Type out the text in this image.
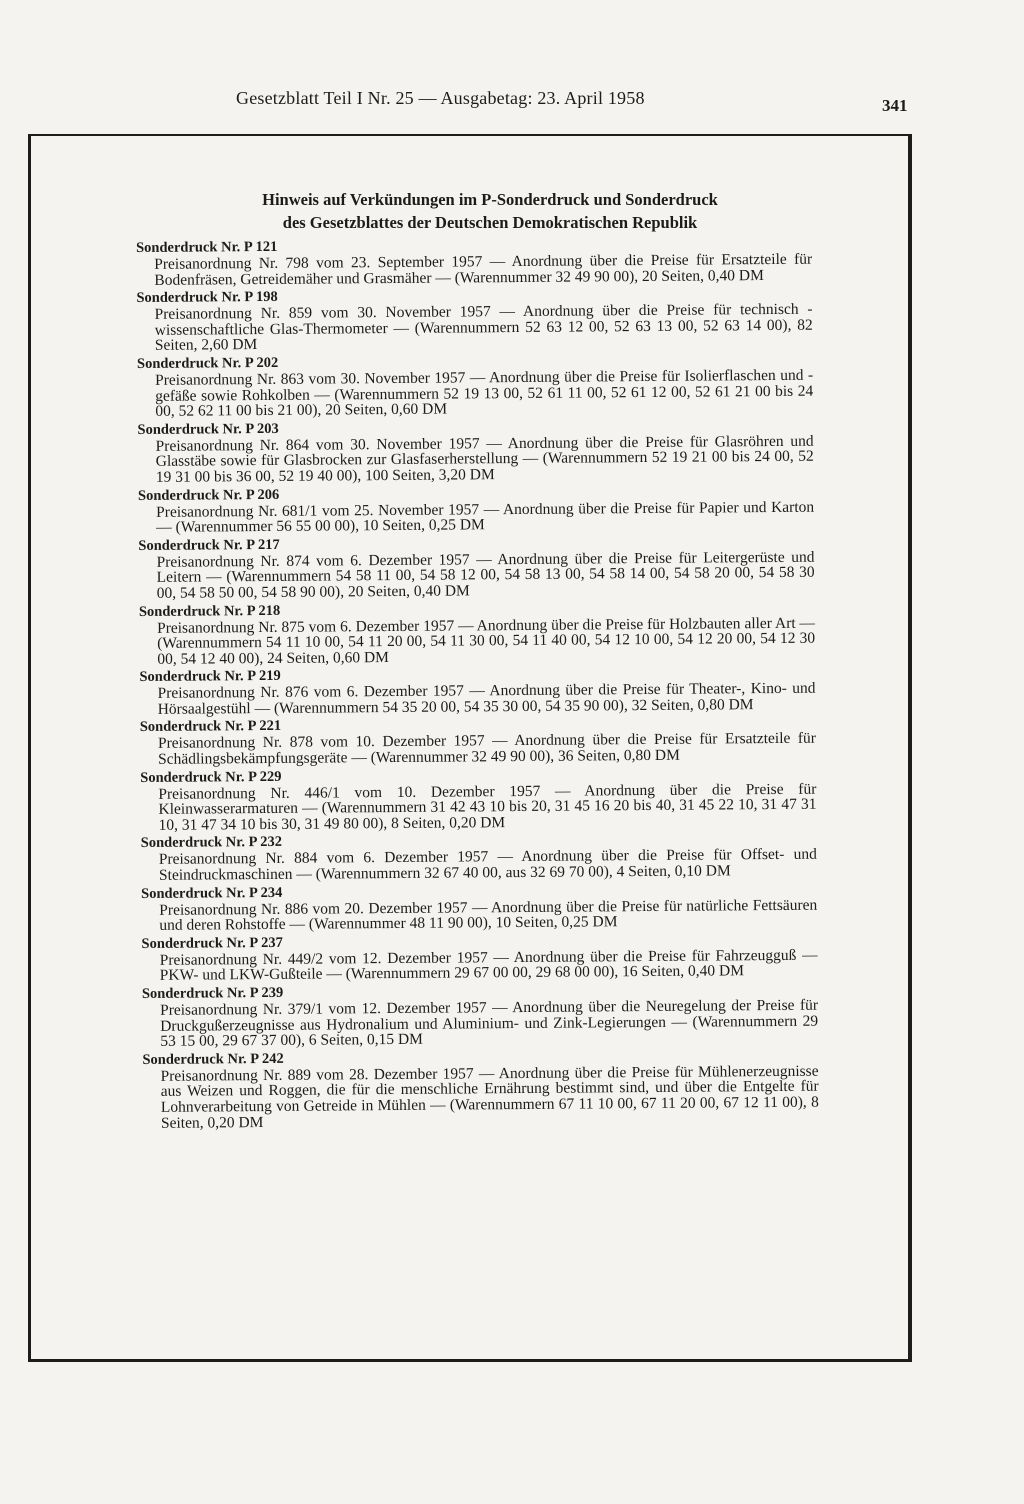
Gesetzblatt Teil I Nr. 25 — Ausgabetag: 23. April 1958	341
Hinweis auf Verkündungen im P-Sonderdruck und Sonderdruck
des Gesetzblattes der Deutschen Demokratischen Republik
Sonderdruck Nr. P 121
Preisanordnung Nr. 798 vom 23. September 1957 — Anordnung über die Preise für Ersatzteile für Bodenfräsen, Getreidemäher und Grasmäher — (Warennummer 32 49 90 00), 20 Seiten, 0,40 DM
Sonderdruck Nr. P 198
Preisanordnung Nr. 859 vom 30. November 1957 — Anordnung über die Preise für technisch - wissenschaftliche Glas-Thermometer — (Warennummern 52 63 12 00, 52 63 13 00, 52 63 14 00), 82 Seiten, 2,60 DM
Sonderdruck Nr. P 202
Preisanordnung Nr. 863 vom 30. November 1957 — Anordnung über die Preise für Isolierflaschen und -gefäße sowie Rohkolben — (Warennummern 52 19 13 00, 52 61 11 00, 52 61 12 00, 52 61 21 00 bis 24 00, 52 62 11 00 bis 21 00), 20 Seiten, 0,60 DM
Sonderdruck Nr. P 203
Preisanordnung Nr. 864 vom 30. November 1957 — Anordnung über die Preise für Glasröhren und Glasstäbe sowie für Glasbrocken zur Glasfaserherstellung — (Warennummern 52 19 21 00 bis 24 00, 52 19 31 00 bis 36 00, 52 19 40 00), 100 Seiten, 3,20 DM
Sonderdruck Nr. P 206
Preisanordnung Nr. 681/1 vom 25. November 1957 — Anordnung über die Preise für Papier und Karton — (Warennummer 56 55 00 00), 10 Seiten, 0,25 DM
Sonderdruck Nr. P 217
Preisanordnung Nr. 874 vom 6. Dezember 1957 — Anordnung über die Preise für Leitergerüste und Leitern — (Warennummern 54 58 11 00, 54 58 12 00, 54 58 13 00, 54 58 14 00, 54 58 20 00, 54 58 30 00, 54 58 50 00, 54 58 90 00), 20 Seiten, 0,40 DM
Sonderdruck Nr. P 218
Preisanordnung Nr. 875 vom 6. Dezember 1957 — Anordnung über die Preise für Holzbauten aller Art — (Warennummern 54 11 10 00, 54 11 20 00, 54 11 30 00, 54 11 40 00, 54 12 10 00, 54 12 20 00, 54 12 30 00, 54 12 40 00), 24 Seiten, 0,60 DM
Sonderdruck Nr. P 219
Preisanordnung Nr. 876 vom 6. Dezember 1957 — Anordnung über die Preise für Theater-, Kino- und Hörsaalgestühl — (Warennummern 54 35 20 00, 54 35 30 00, 54 35 90 00), 32 Seiten, 0,80 DM
Sonderdruck Nr. P 221
Preisanordnung Nr. 878 vom 10. Dezember 1957 — Anordnung über die Preise für Ersatzteile für Schädlingsbekämpfungsgeräte — (Warennummer 32 49 90 00), 36 Seiten, 0,80 DM
Sonderdruck Nr. P 229
Preisanordnung Nr. 446/1 vom 10. Dezember 1957 — Anordnung über die Preise für Kleinwasserarmaturen — (Warennummern 31 42 43 10 bis 20, 31 45 16 20 bis 40, 31 45 22 10, 31 47 31 10, 31 47 34 10 bis 30, 31 49 80 00), 8 Seiten, 0,20 DM
Sonderdruck Nr. P 232
Preisanordnung Nr. 884 vom 6. Dezember 1957 — Anordnung über die Preise für Offset- und Steindruckmaschinen — (Warennummern 32 67 40 00, aus 32 69 70 00), 4 Seiten, 0,10 DM
Sonderdruck Nr. P 234
Preisanordnung Nr. 886 vom 20. Dezember 1957 — Anordnung über die Preise für natürliche Fettsäuren und deren Rohstoffe — (Warennummer 48 11 90 00), 10 Seiten, 0,25 DM
Sonderdruck Nr. P 237
Preisanordnung Nr. 449/2 vom 12. Dezember 1957 — Anordnung über die Preise für Fahrzeugguß — PKW- und LKW-Gußteile — (Warennummern 29 67 00 00, 29 68 00 00), 16 Seiten, 0,40 DM
Sonderdruck Nr. P 239
Preisanordnung Nr. 379/1 vom 12. Dezember 1957 — Anordnung über die Neuregelung der Preise für Druckgußerzeugnisse aus Hydronalium und Aluminium- und Zink-Legierungen — (Warennummern 29 53 15 00, 29 67 37 00), 6 Seiten, 0,15 DM
Sonderdruck Nr. P 242
Preisanordnung Nr. 889 vom 28. Dezember 1957 — Anordnung über die Preise für Mühlenerzeugnisse aus Weizen und Roggen, die für die menschliche Ernährung bestimmt sind, und über die Entgelte für Lohnverarbeitung von Getreide in Mühlen — (Warennummern 67 11 10 00, 67 11 20 00, 67 12 11 00), 8 Seiten, 0,20 DM
